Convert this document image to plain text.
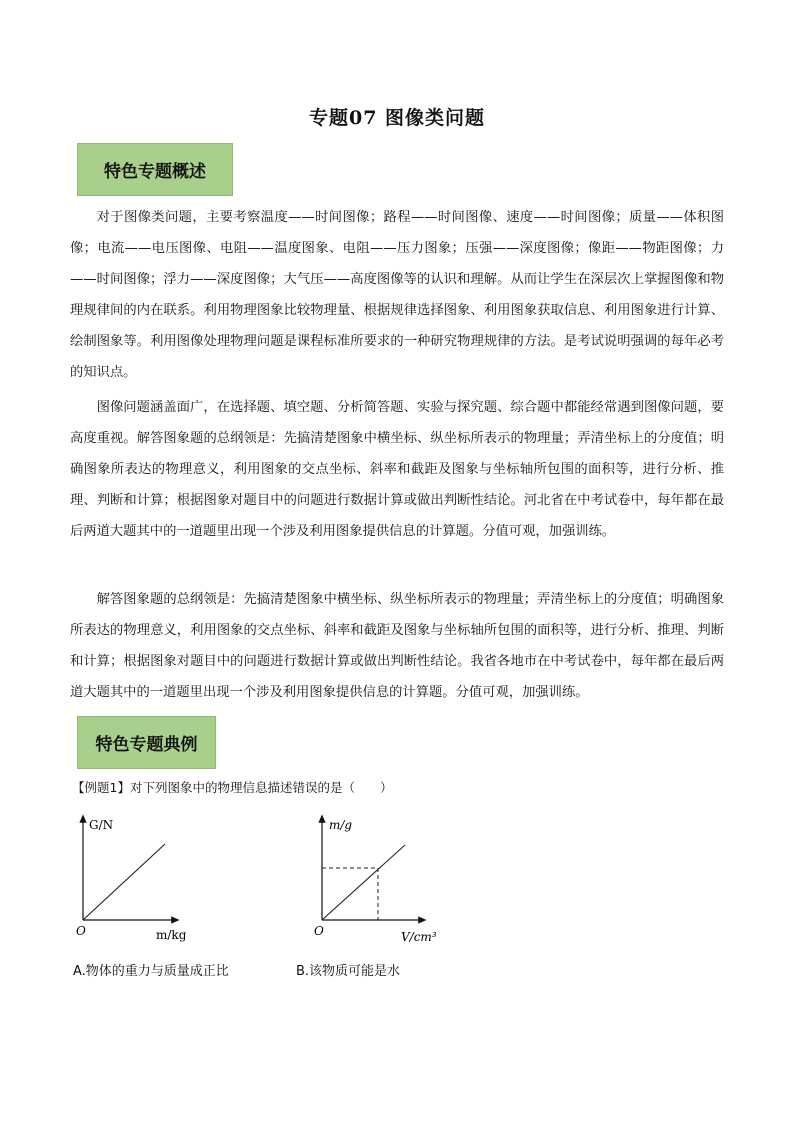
专题07 图像类问题
特色专题概述

对于图像类问题，主要考察温度——时间图像；路程——时间图像、速度——时间图像；质量——体积图像；电流——电压图像、电阻——温度图象、电阻——压力图象；压强——深度图像；像距——物距图像；力——时间图像；浮力——深度图像；大气压——高度图像等的认识和理解。从而让学生在深层次上掌握图像和物理规律间的内在联系。利用物理图象比较物理量、根据规律选择图象、利用图象获取信息、利用图象进行计算、绘制图象等。利用图像处理物理问题是课程标准所要求的一种研究物理规律的方法。是考试说明强调的每年必考的知识点。

图像问题涵盖面广，在选择题、填空题、分析简答题、实验与探究题、综合题中都能经常遇到图像问题，要高度重视。解答图象题的总纲领是：先搞清楚图象中横坐标、纵坐标所表示的物理量；弄清坐标上的分度值；明确图象所表达的物理意义，利用图象的交点坐标、斜率和截距及图象与坐标轴所包围的面积等，进行分析、推理、判断和计算；根据图象对题目中的问题进行数据计算或做出判断性结论。河北省在中考试卷中，每年都在最后两道大题其中的一道题里出现一个涉及利用图象提供信息的计算题。分值可观，加强训练。

解答图象题的总纲领是：先搞清楚图象中横坐标、纵坐标所表示的物理量；弄清坐标上的分度值；明确图象所表达的物理意义，利用图象的交点坐标、斜率和截距及图象与坐标轴所包围的面积等，进行分析、推理、判断和计算；根据图象对题目中的问题进行数据计算或做出判断性结论。我省各地市在中考试卷中，每年都在最后两道大题其中的一道题里出现一个涉及利用图象提供信息的计算题。分值可观，加强训练。

特色专题典例
【例题1】对下列图象中的物理信息描述错误的是（　　）
G/N
m/kg
O
m/g
V/cm³
O
A.物体的重力与质量成正比	B.该物质可能是水
